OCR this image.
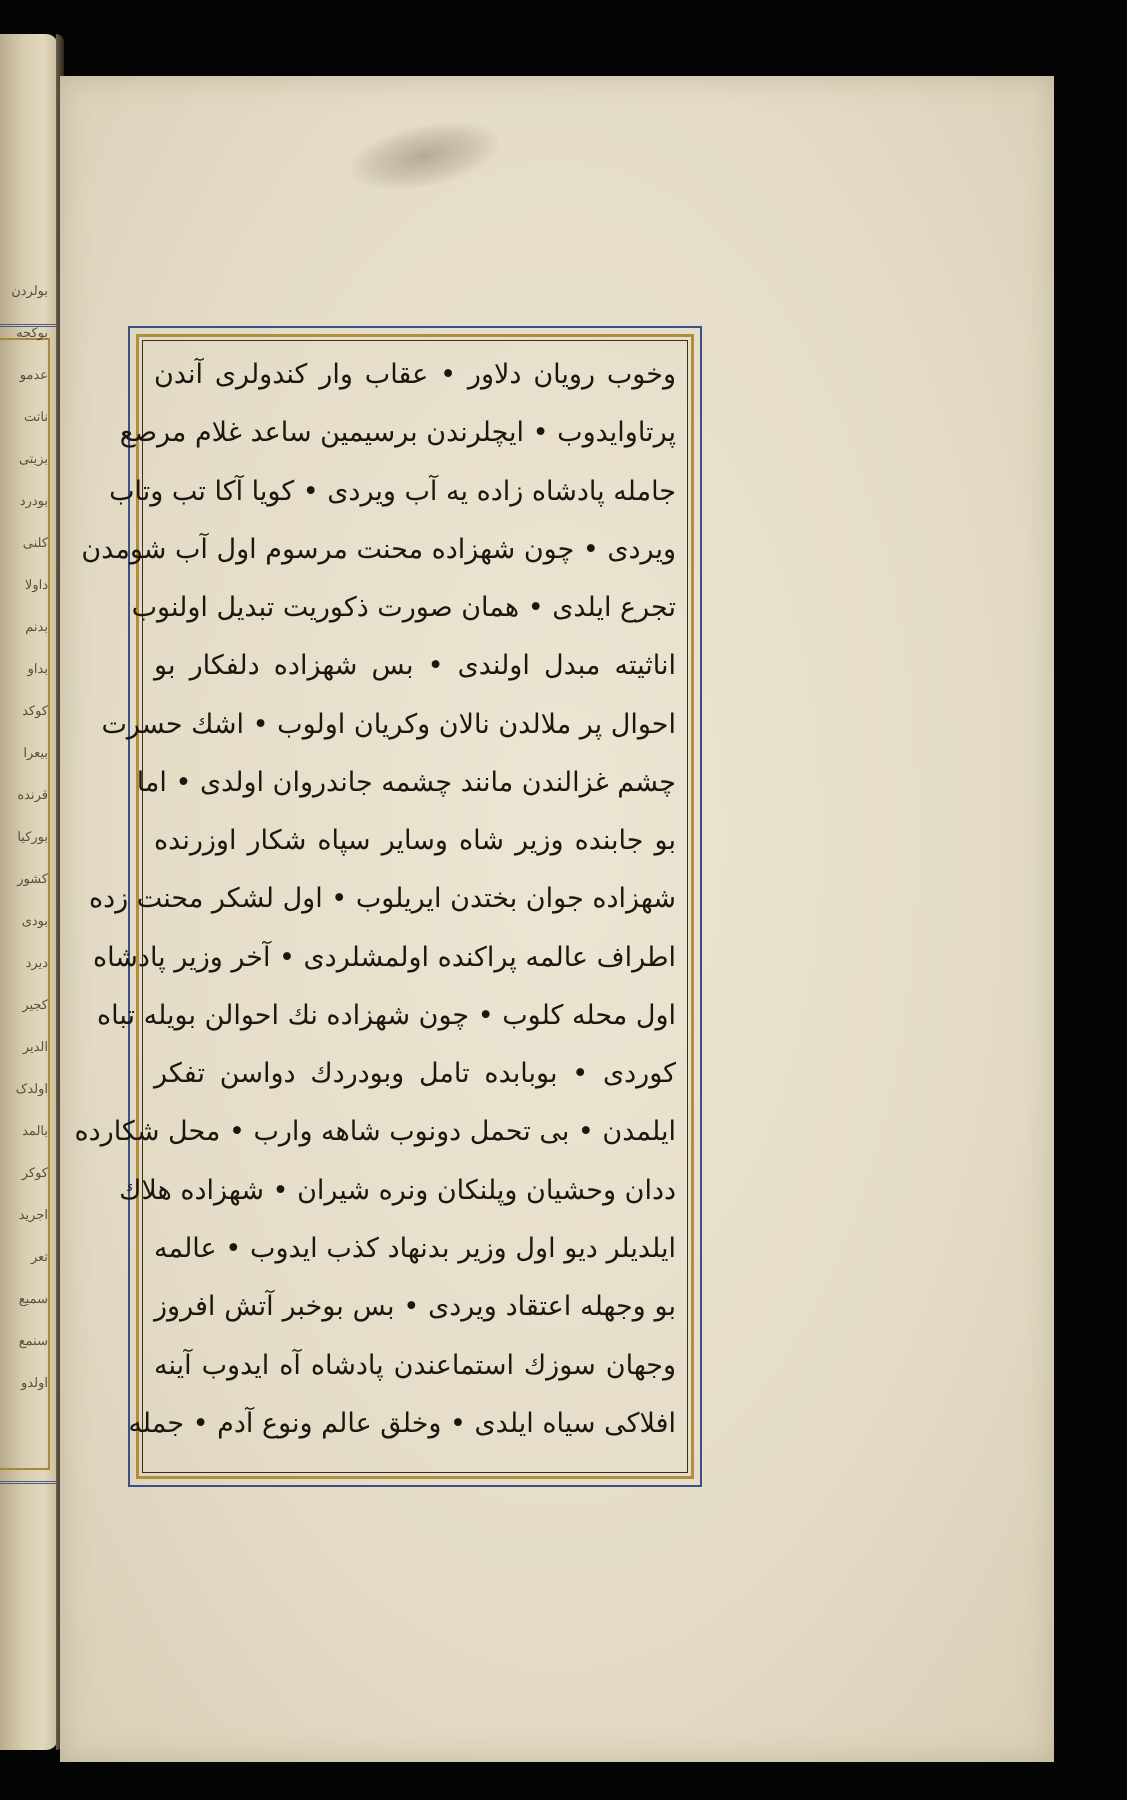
بولردن
بوکجه
عدمو
ناتت
بزیتی
بودرد
کلنی
داولا
بدنم
بداو
کوکد
بیعرا
قرنده
بورکیا
کشور
بودی
دیرد
کجیر
الدیر
اولدک
بالمد
کوکر
اجرید
تعر
سمیع
سنمع
اولدو
وخوب رویان دلاور • عقاب وار کندولری آندن
پرتاوایدوب • ایچلرندن برسیمین ساعد غلام مرصع
جامله پادشاه زاده یه آب ویردی • کویا آکا تب وتاب
ویردی • چون شهزاده محنت مرسوم اول آب شومدن
تجرع ایلدی • همان صورت ذکوریت تبدیل اولنوب
اناثیته مبدل اولندی • بس شهزاده دلفکار بو
احوال پر ملالدن نالان وکریان اولوب • اشك حسرت
چشم غزالندن مانند چشمه جاندروان اولدی • اما
بو جابنده وزیر شاه وسایر سپاه شکار اوزرنده
شهزاده جوان بختدن ایریلوب • اول لشکر محنت زده
اطراف عالمه پراکنده اولمشلردی • آخر وزیر پادشاه
اول محله کلوب • چون شهزاده نك احوالن بویله تباه
کوردی • بوبابده تامل وبودردك دواسن تفکر
ایلمدن • بی تحمل دونوب شاهه وارب • محل شکارده
ددان وحشیان وپلنکان ونره شیران • شهزاده هلاك
ایلدیلر دیو اول وزیر بدنهاد کذب ایدوب • عالمه
بو وجهله اعتقاد ویردی • بس بوخبر آتش افروز
وجهان سوزك استماعندن پادشاه آه ایدوب آینه
افلاکی سیاه ایلدی • وخلق عالم ونوع آدم • جمله
